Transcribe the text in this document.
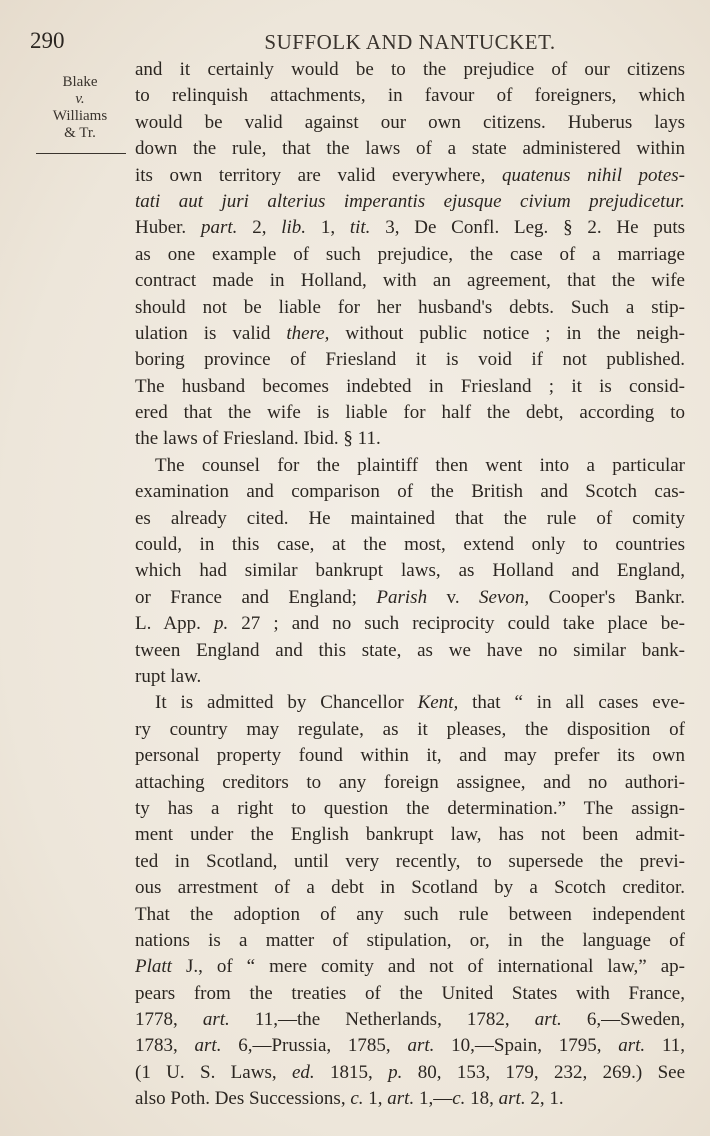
290	SUFFOLK AND NANTUCKET.
Blake
v.
Williams
& Tr.
and it certainly would be to the prejudice of our citizens
to relinquish attachments, in favour of foreigners, which
would be valid against our own citizens. Huberus lays
down the rule, that the laws of a state administered within
its own territory are valid everywhere, quatenus nihil potes-
tati aut juri alterius imperantis ejusque civium prejudicetur.
Huber. part. 2, lib. 1, tit. 3, De Confl. Leg. § 2. He puts
as one example of such prejudice, the case of a marriage
contract made in Holland, with an agreement, that the wife
should not be liable for her husband's debts. Such a stip-
ulation is valid there, without public notice ; in the neigh-
boring province of Friesland it is void if not published.
The husband becomes indebted in Friesland ; it is consid-
ered that the wife is liable for half the debt, according to
the laws of Friesland. Ibid. § 11.
The counsel for the plaintiff then went into a particular
examination and comparison of the British and Scotch cas-
es already cited. He maintained that the rule of comity
could, in this case, at the most, extend only to countries
which had similar bankrupt laws, as Holland and England,
or France and England; Parish v. Sevon, Cooper's Bankr.
L. App. p. 27 ; and no such reciprocity could take place be-
tween England and this state, as we have no similar bank-
rupt law.
It is admitted by Chancellor Kent, that “ in all cases eve-
ry country may regulate, as it pleases, the disposition of
personal property found within it, and may prefer its own
attaching creditors to any foreign assignee, and no authori-
ty has a right to question the determination.” The assign-
ment under the English bankrupt law, has not been admit-
ted in Scotland, until very recently, to supersede the previ-
ous arrestment of a debt in Scotland by a Scotch creditor.
That the adoption of any such rule between independent
nations is a matter of stipulation, or, in the language of
Platt J., of “ mere comity and not of international law,” ap-
pears from the treaties of the United States with France,
1778, art. 11,—the Netherlands, 1782, art. 6,—Sweden,
1783, art. 6,—Prussia, 1785, art. 10,—Spain, 1795, art. 11,
(1 U. S. Laws, ed. 1815, p. 80, 153, 179, 232, 269.) See
also Poth. Des Successions, c. 1, art. 1,—c. 18, art. 2, 1.
